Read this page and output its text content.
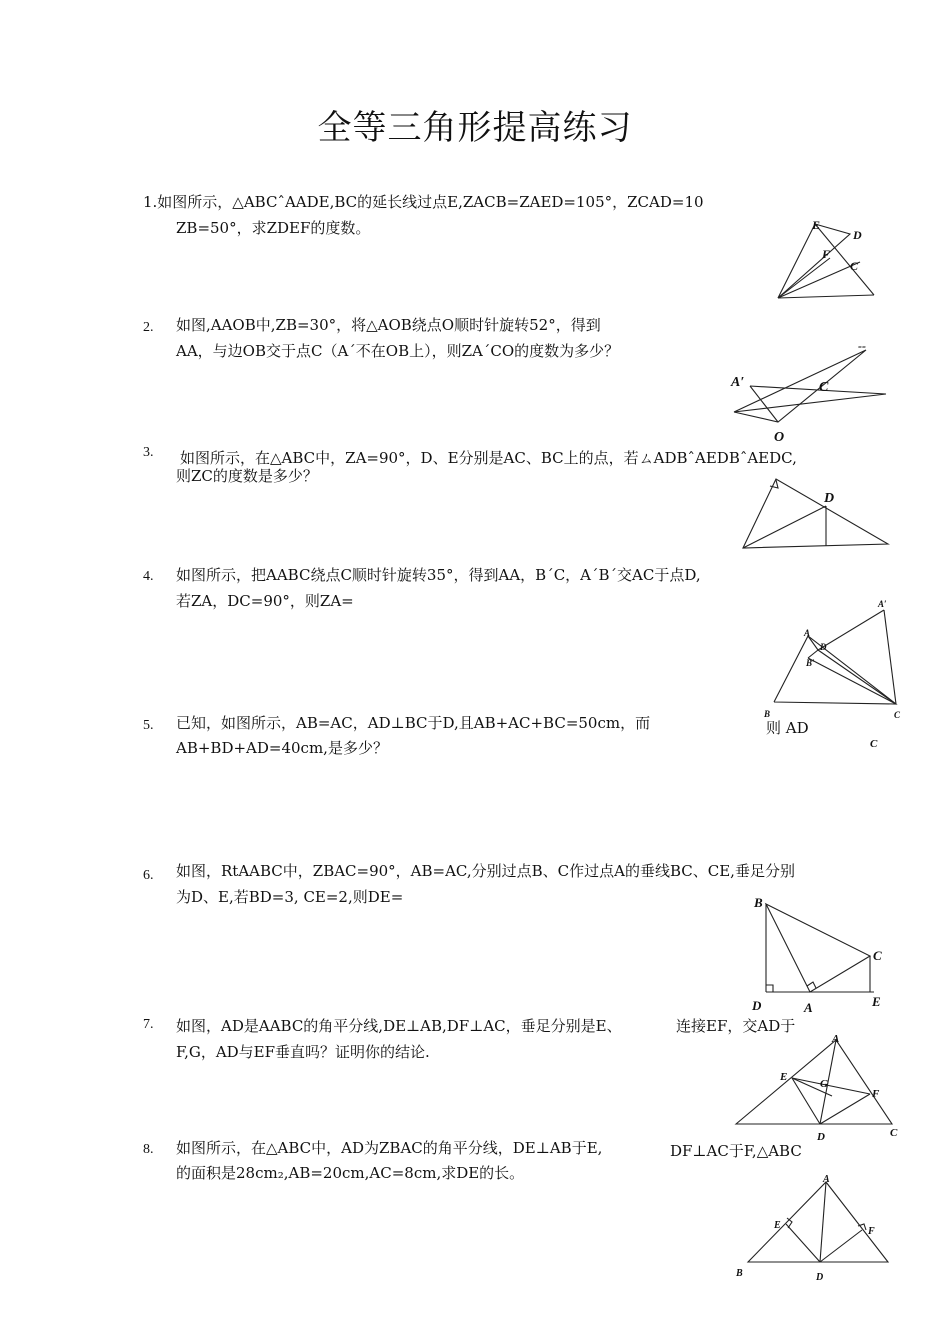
全等三角形提高练习
1.如图所示，△ABCˆAADE,BC的延长线过点E,ZACB=ZAED=105°，ZCAD=10
ZB=50°，求ZDEF的度数。
2. 如图,AAOB中,ZB=30°，将△AOB绕点O顺时针旋转52°，得到
AA，与边OB交于点C（Aˊ不在OB上），则ZAˊCO的度数为多少？
3. 如图所示，在△ABC中，ZA=90°，D、E分别是AC、BC上的点，若ㄙADBˆAEDBˆAEDC,
则ZC的度数是多少？
4. 如图所示，把AABC绕点C顺时针旋转35°，得到AA，BˊC，AˊBˊ交AC于点D,
若ZA，DC=90°，则ZA=
5. 已知，如图所示，AB=AC，AD⊥BC于D,且AB+AC+BC=50cm，而
AB+BD+AD=40cm,是多少？
则 AD
6. 如图，RtAABC中，ZBAC=90°，AB=AC,分别过点B、C作过点A的垂线BC、CE,垂足分别
为D、E,若BD=3, CE=2,则DE=
7. 如图，AD是AABC的角平分线,DE⊥AB,DF⊥AC，垂足分别是E、
F,G，AD与EF垂直吗？证明你的结论.
连接EF，交AD于
8. 如图所示，在△ABC中，AD为ZBAC的角平分线，DE⊥AB于E,
的面积是28cm₂,AB=20cm,AC=8cm,求DE的长。
DF⊥AC于F,△ABC
E
D
F
C
A′	C
O
--
D
A′
A
D
B′
B	C
C
B
C
D	A	E
A
E
G
F
D	C
A
E
F
B	D
